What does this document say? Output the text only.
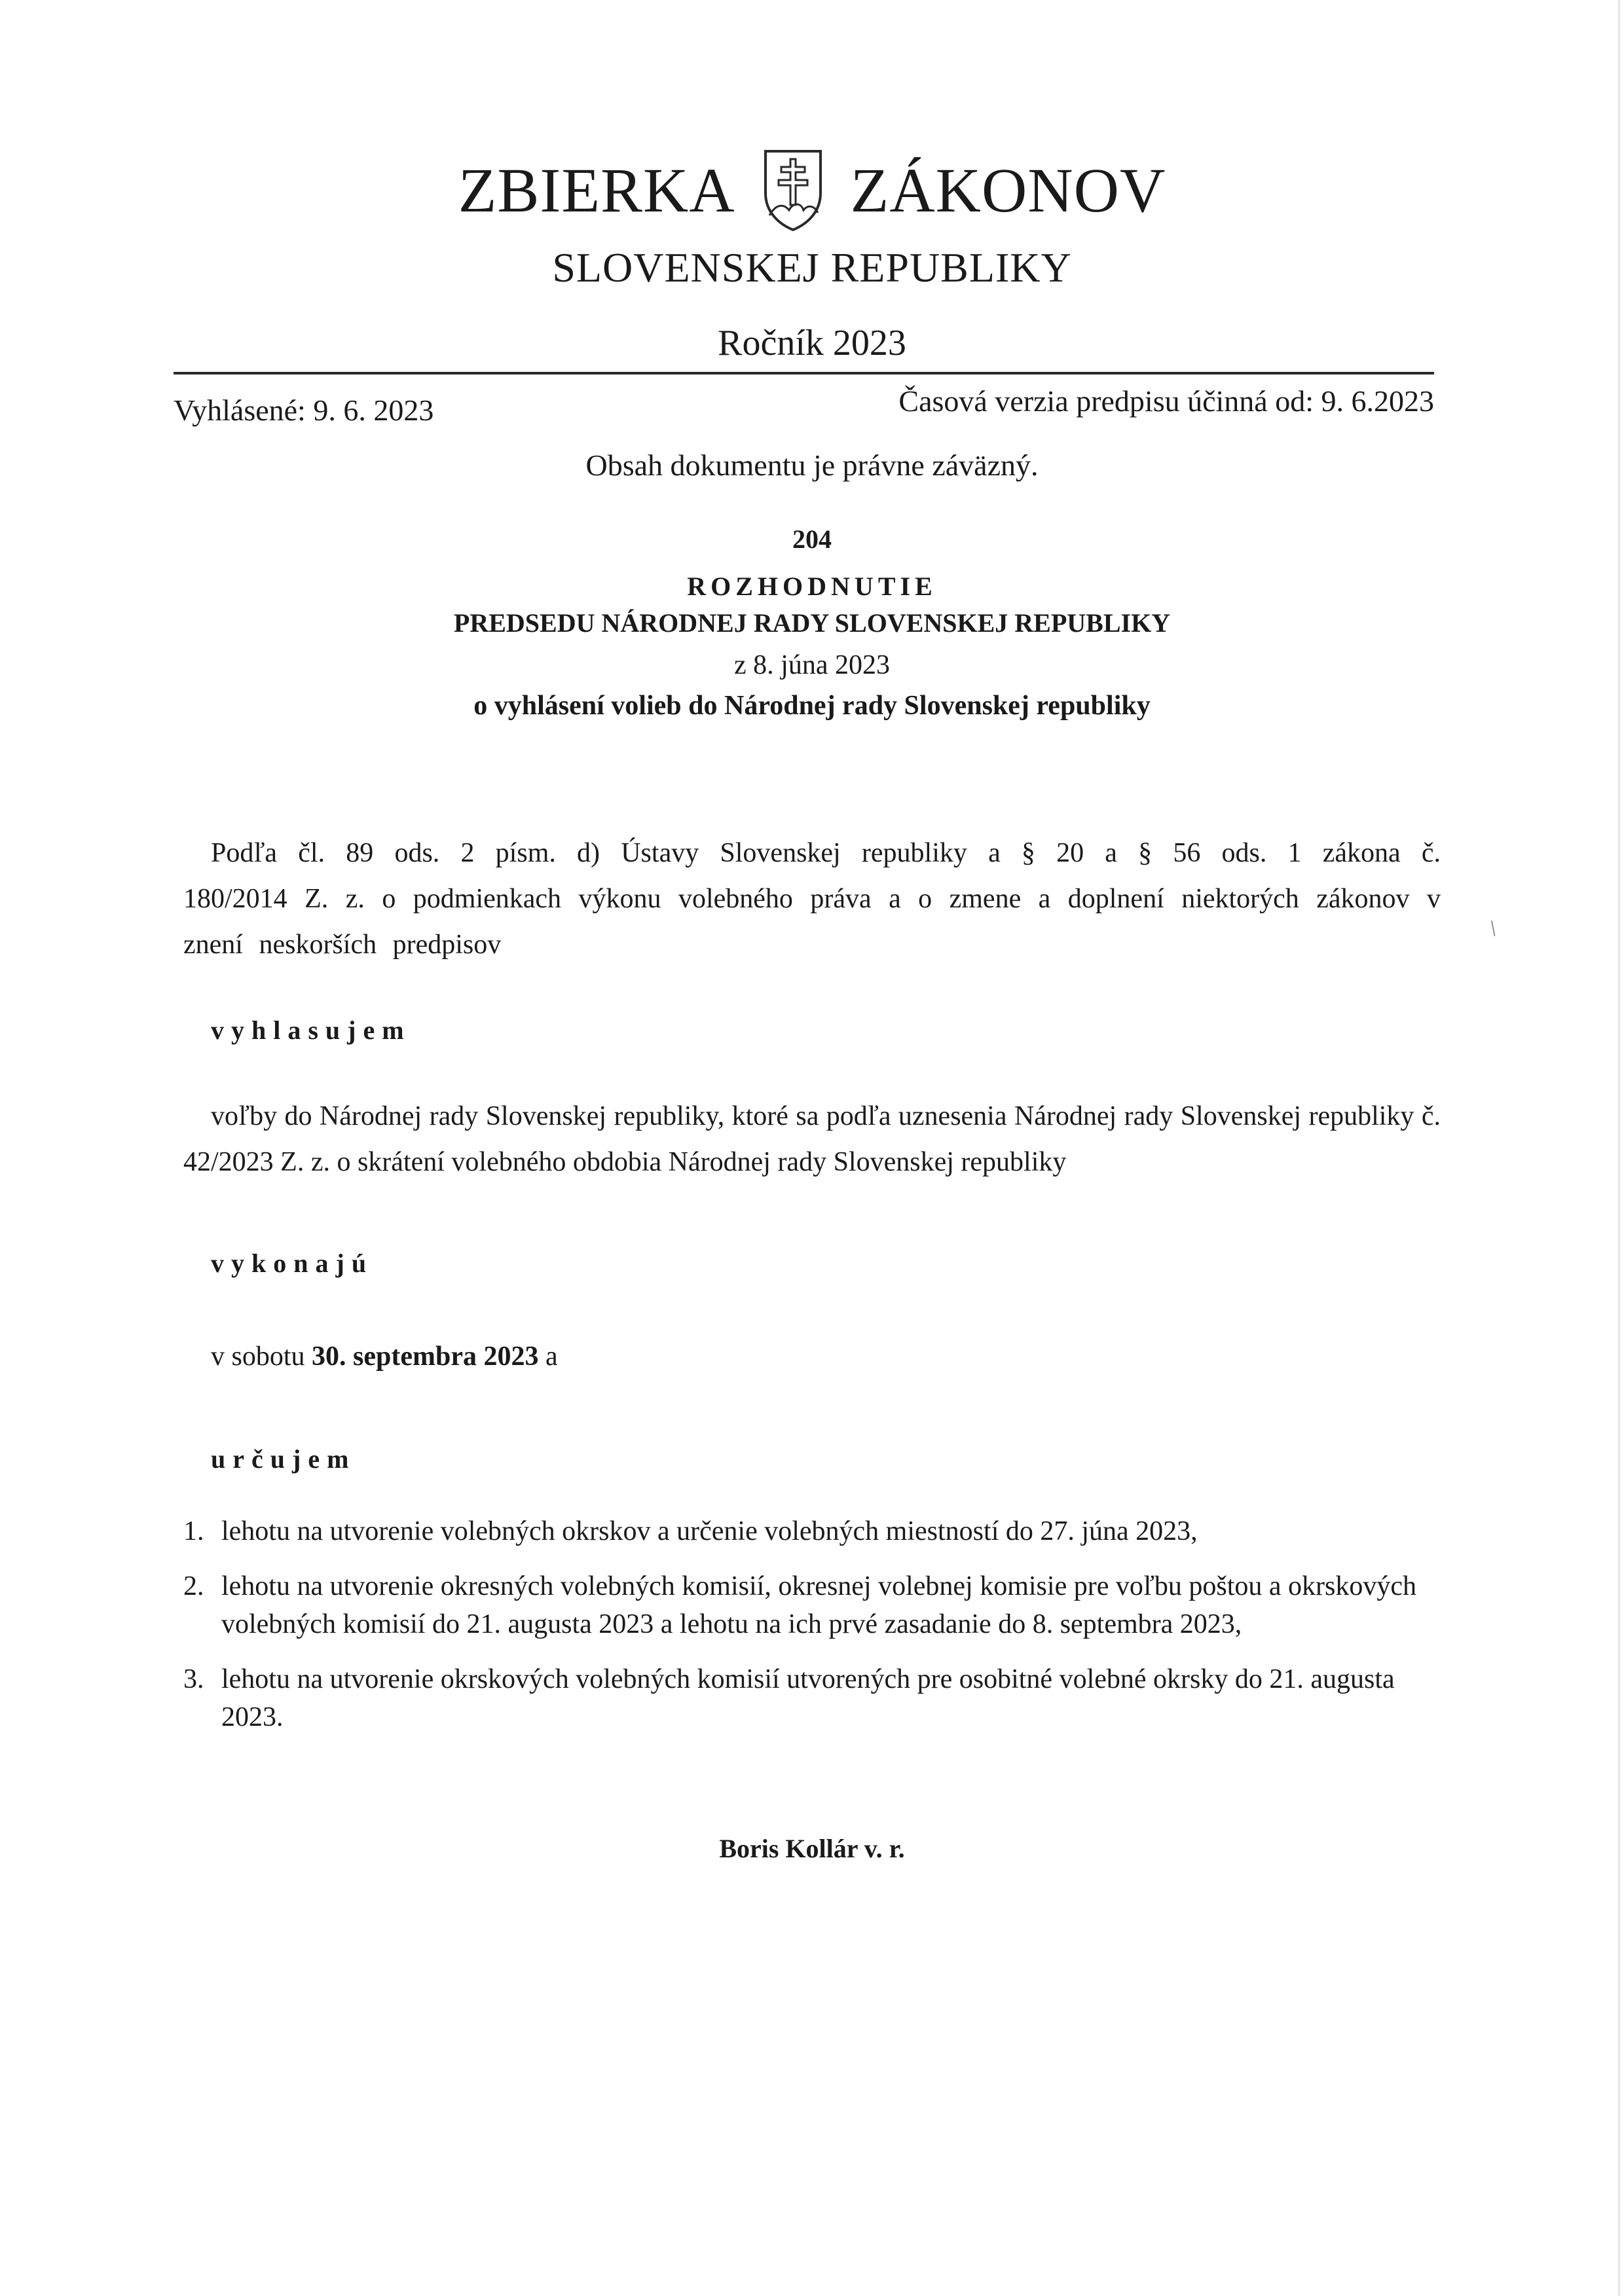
ZBIERKA ZÁKONOV
SLOVENSKEJ REPUBLIKY
Ročník 2023
Vyhlásené: 9. 6. 2023	Časová verzia predpisu účinná od: 9. 6.2023
Obsah dokumentu je právne záväzný.
204
ROZHODNUTIE
PREDSEDU NÁRODNEJ RADY SLOVENSKEJ REPUBLIKY
z 8. júna 2023
o vyhlásení volieb do Národnej rady Slovenskej republiky
Podľa čl. 89 ods. 2 písm. d) Ústavy Slovenskej republiky a § 20 a § 56 ods. 1 zákona č. 180/2014 Z. z. o podmienkach výkonu volebného práva a o zmene a doplnení niektorých zákonov v znení neskorších predpisov
vyhlasujem
voľby do Národnej rady Slovenskej republiky, ktoré sa podľa uznesenia Národnej rady Slovenskej republiky č. 42/2023 Z. z. o skrátení volebného obdobia Národnej rady Slovenskej republiky
vykonajú
v sobotu 30. septembra 2023 a
určujem
1. lehotu na utvorenie volebných okrskov a určenie volebných miestností do 27. júna 2023,
2. lehotu na utvorenie okresných volebných komisií, okresnej volebnej komisie pre voľbu poštou a okrskových volebných komisií do 21. augusta 2023 a lehotu na ich prvé zasadanie do 8. septembra 2023,
3. lehotu na utvorenie okrskových volebných komisií utvorených pre osobitné volebné okrsky do 21. augusta 2023.
Boris Kollár v. r.
/
